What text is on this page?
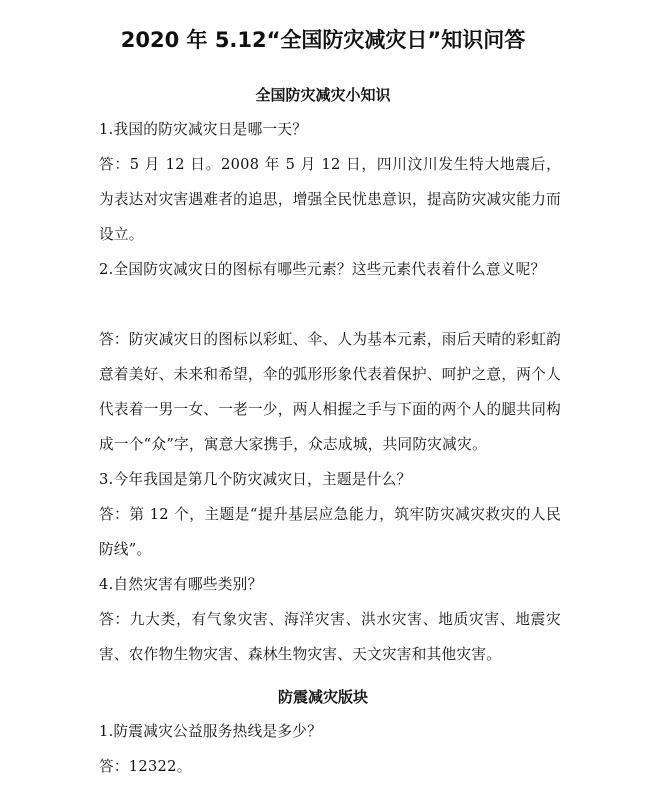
2020 年 5.12“全国防灾减灾日”知识问答
全国防灾减灾小知识

1.我国的防灾减灾日是哪一天？

答：5 月 12 日。2008 年 5 月 12 日，四川汶川发生特大地震后，为表达对灾害遇难者的追思，增强全民忧患意识，提高防灾减灾能力而设立。

2.全国防灾减灾日的图标有哪些元素？这些元素代表着什么意义呢？

答：防灾减灾日的图标以彩虹、伞、人为基本元素，雨后天晴的彩虹韵意着美好、未来和希望，伞的弧形形象代表着保护、呵护之意，两个人代表着一男一女、一老一少，两人相握之手与下面的两个人的腿共同构成一个“众”字，寓意大家携手，众志成城，共同防灾减灾。

3.今年我国是第几个防灾减灾日，主题是什么？

答：第 12 个，主题是“提升基层应急能力，筑牢防灾减灾救灾的人民防线”。

4.自然灾害有哪些类别？

答：九大类，有气象灾害、海洋灾害、洪水灾害、地质灾害、地震灾害、农作物生物灾害、森林生物灾害、天文灾害和其他灾害。

防震减灾版块

1.防震减灾公益服务热线是多少？

答：12322。
